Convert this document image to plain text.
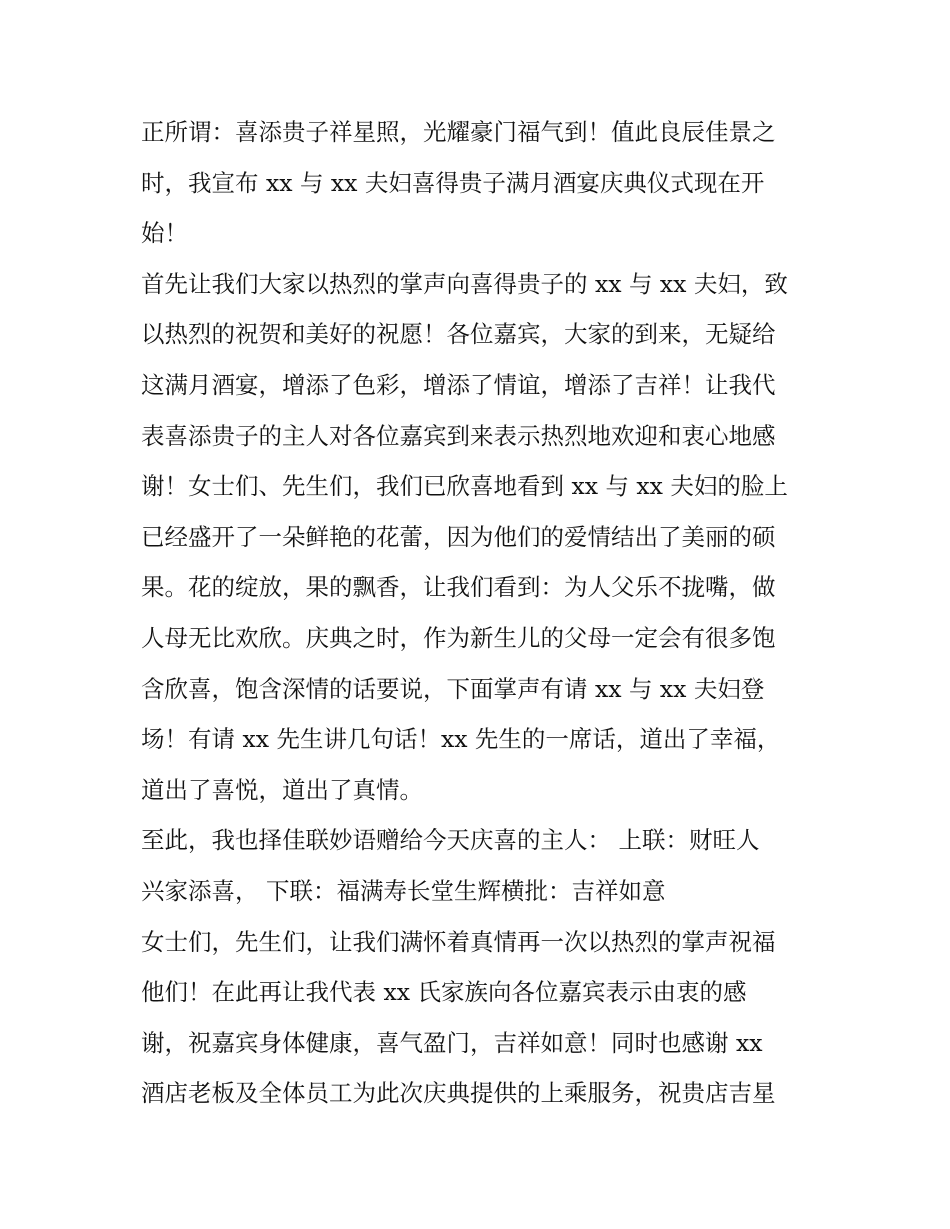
正所谓：喜添贵子祥星照，光耀豪门福气到！值此良辰佳景之
时，我宣布 xx 与 xx 夫妇喜得贵子满月酒宴庆典仪式现在开
始！
首先让我们大家以热烈的掌声向喜得贵子的 xx 与 xx 夫妇，致
以热烈的祝贺和美好的祝愿！各位嘉宾，大家的到来，无疑给
这满月酒宴，增添了色彩，增添了情谊，增添了吉祥！让我代
表喜添贵子的主人对各位嘉宾到来表示热烈地欢迎和衷心地感
谢！女士们、先生们，我们已欣喜地看到 xx 与 xx 夫妇的脸上
已经盛开了一朵鲜艳的花蕾，因为他们的爱情结出了美丽的硕
果。花的绽放，果的飘香，让我们看到：为人父乐不拢嘴，做
人母无比欢欣。庆典之时，作为新生儿的父母一定会有很多饱
含欣喜，饱含深情的话要说，下面掌声有请 xx 与 xx 夫妇登
场！有请 xx 先生讲几句话！xx 先生的一席话，道出了幸福，
道出了喜悦，道出了真情。
至此，我也择佳联妙语赠给今天庆喜的主人： 上联：财旺人
兴家添喜， 下联：福满寿长堂生辉横批：吉祥如意
女士们，先生们，让我们满怀着真情再一次以热烈的掌声祝福
他们！在此再让我代表 xx 氏家族向各位嘉宾表示由衷的感
谢，祝嘉宾身体健康，喜气盈门，吉祥如意！同时也感谢 xx
酒店老板及全体员工为此次庆典提供的上乘服务，祝贵店吉星
